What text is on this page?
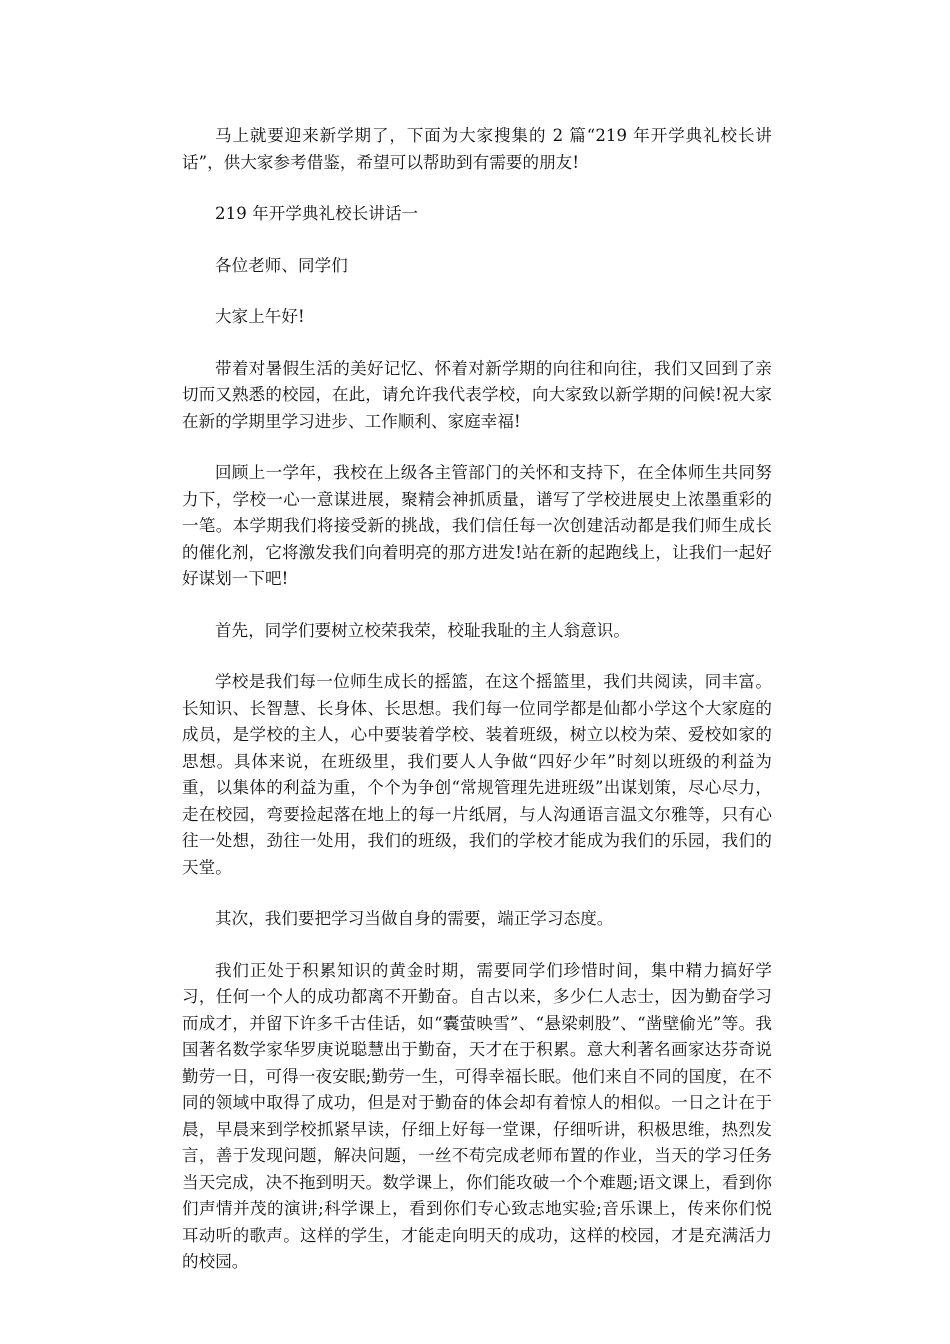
马上就要迎来新学期了，下面为大家搜集的 2 篇“219 年开学典礼校长讲话”，供大家参考借鉴，希望可以帮助到有需要的朋友!

219 年开学典礼校长讲话一

各位老师、同学们

大家上午好!

带着对暑假生活的美好记忆、怀着对新学期的向往和向往，我们又回到了亲切而又熟悉的校园，在此，请允许我代表学校，向大家致以新学期的问候!祝大家在新的学期里学习进步、工作顺利、家庭幸福!

回顾上一学年，我校在上级各主管部门的关怀和支持下，在全体师生共同努力下，学校一心一意谋进展，聚精会神抓质量，谱写了学校进展史上浓墨重彩的一笔。本学期我们将接受新的挑战，我们信任每一次创建活动都是我们师生成长的催化剂，它将激发我们向着明亮的那方进发!站在新的起跑线上，让我们一起好好谋划一下吧!

首先，同学们要树立校荣我荣，校耻我耻的主人翁意识。

学校是我们每一位师生成长的摇篮，在这个摇篮里，我们共阅读，同丰富。长知识、长智慧、长身体、长思想。我们每一位同学都是仙都小学这个大家庭的成员，是学校的主人，心中要装着学校、装着班级，树立以校为荣、爱校如家的思想。具体来说，在班级里，我们要人人争做“四好少年”时刻以班级的利益为重，以集体的利益为重，个个为争创“常规管理先进班级”出谋划策，尽心尽力，走在校园，弯要捡起落在地上的每一片纸屑，与人沟通语言温文尔雅等，只有心往一处想，劲往一处用，我们的班级，我们的学校才能成为我们的乐园，我们的天堂。

其次，我们要把学习当做自身的需要，端正学习态度。

我们正处于积累知识的黄金时期，需要同学们珍惜时间，集中精力搞好学习，任何一个人的成功都离不开勤奋。自古以来，多少仁人志士，因为勤奋学习而成才，并留下许多千古佳话，如“囊萤映雪”、“悬梁刺股”、“凿壁偷光”等。我国著名数学家华罗庚说聪慧出于勤奋，天才在于积累。意大利著名画家达芬奇说勤劳一日，可得一夜安眠;勤劳一生，可得幸福长眠。他们来自不同的国度，在不同的领域中取得了成功，但是对于勤奋的体会却有着惊人的相似。一日之计在于晨，早晨来到学校抓紧早读，仔细上好每一堂课，仔细听讲，积极思维，热烈发言，善于发现问题，解决问题，一丝不苟完成老师布置的作业，当天的学习任务当天完成，决不拖到明天。数学课上，你们能攻破一个个难题;语文课上，看到你们声情并茂的演讲;科学课上，看到你们专心致志地实验;音乐课上，传来你们悦耳动听的歌声。这样的学生，才能走向明天的成功，这样的校园，才是充满活力的校园。
